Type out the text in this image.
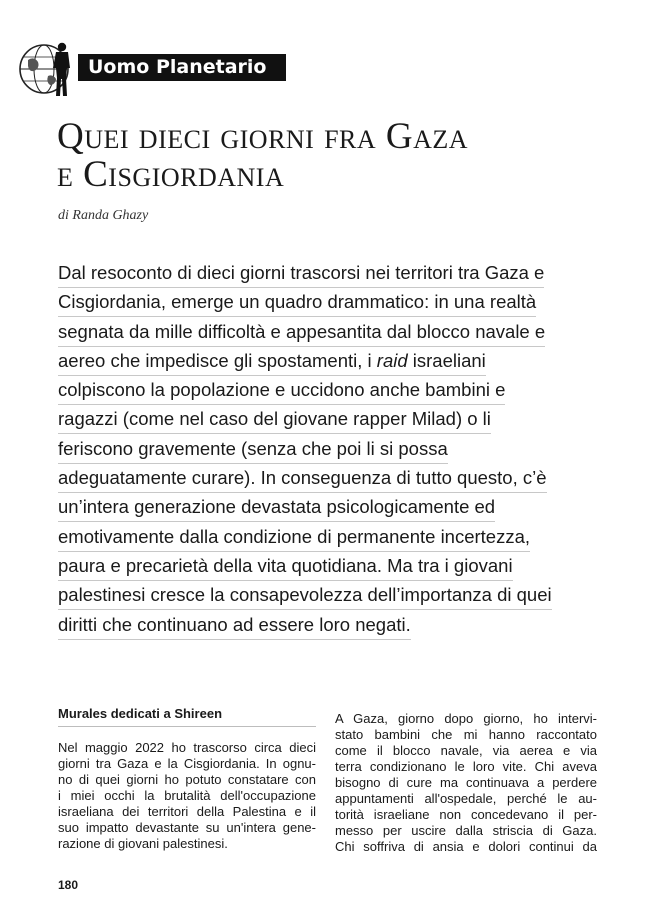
Uomo Planetario
Quei dieci giorni fra Gaza
e Cisgiordania
di Randa Ghazy
Dal resoconto di dieci giorni trascorsi nei territori tra Gaza e
Cisgiordania, emerge un quadro drammatico: in una realtà
segnata da mille difficoltà e appesantita dal blocco navale e
aereo che impedisce gli spostamenti, i raid israeliani
colpiscono la popolazione e uccidono anche bambini e
ragazzi (come nel caso del giovane rapper Milad) o li
feriscono gravemente (senza che poi li si possa
adeguatamente curare). In conseguenza di tutto questo, c’è
un’intera generazione devastata psicologicamente ed
emotivamente dalla condizione di permanente incertezza,
paura e precarietà della vita quotidiana. Ma tra i giovani
palestinesi cresce la consapevolezza dell’importanza di quei
diritti che continuano ad essere loro negati.
Murales dedicati a Shireen
Nel maggio 2022 ho trascorso circa dieci
giorni tra Gaza e la Cisgiordania. In ognu-
no di quei giorni ho potuto constatare con
i miei occhi la brutalità dell'occupazione
israeliana dei territori della Palestina e il
suo impatto devastante su un'intera gene-
razione di giovani palestinesi.
A Gaza, giorno dopo giorno, ho intervi-
stato bambini che mi hanno raccontato
come il blocco navale, via aerea e via
terra condizionano le loro vite. Chi aveva
bisogno di cure ma continuava a perdere
appuntamenti all'ospedale, perché le au-
torità israeliane non concedevano il per-
messo per uscire dalla striscia di Gaza.
Chi soffriva di ansia e dolori continui da
180
